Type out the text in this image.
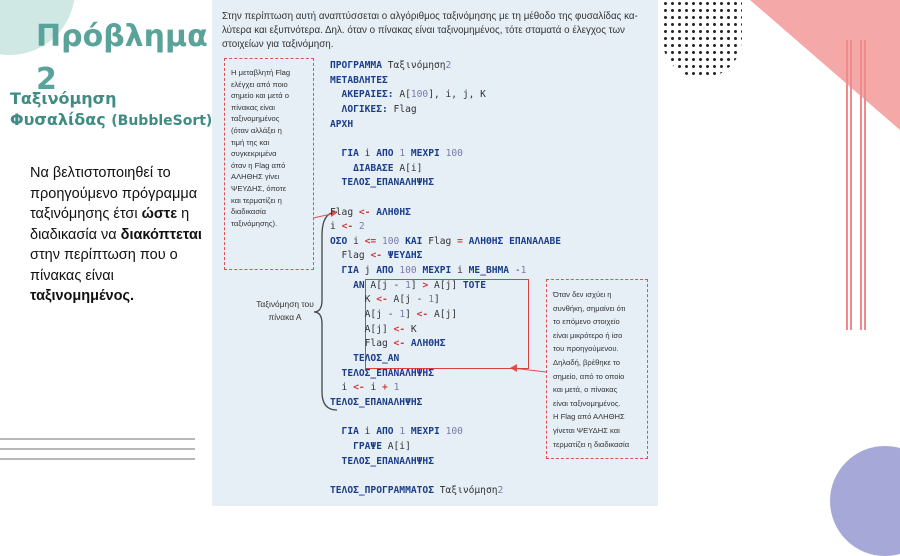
Πρόβλημα
2
Ταξινόμηση
Φυσαλίδας (BubbleSort)
Να βελτιστοποιηθεί το προηγούμενο πρόγραμμα ταξινόμησης έτσι ώστε η διαδικασία να διακόπτεται στην περίπτωση που ο πίνακας είναι ταξινομημένος.
Στην περίπτωση αυτή αναπτύσσεται ο αλγόριθμος ταξινόμησης με τη μέθοδο της φυσαλίδας κα- λύτερα και εξυπνότερα. Δηλ. όταν ο πίνακας είναι ταξινομημένος, τότε σταματά ο έλεγχος των στοιχείων για ταξινόμηση.
Η μεταβλητή Flag
ελέγχει από ποιο
σημείο και μετά ο
πίνακας είναι
ταξινομημένος
(όταν αλλάξει η
τιμή της και
συγκεκριμένα
όταν η Flag από
ΑΛΗΘΗΣ γίνει
ΨΕΥΔΗΣ, όποτε
και τερματίζει η
διαδικασία
ταξινόμησης).
Ταξινόμηση του πίνακα Α
Όταν δεν ισχύει η
συνθήκη, σημαίνει ότι
το επόμενο στοιχείο
είναι μικρότερο ή ίσο
του προηγούμενου.
Δηλαδή, βρέθηκε το
σημείο, από το οποίο
και μετά, ο πίνακας
είναι ταξινομημένος.
Η Flag από ΑΛΗΘΗΣ
γίνεται ΨΕΥΔΗΣ και
τερματίζει η διαδικασία
ΠΡΟΓΡΑΜΜΑ Ταξινόμηση2
ΜΕΤΑΒΛΗΤΕΣ
ΑΚΕΡΑΙΕΣ: A[100], i, j, K
ΛΟΓΙΚΕΣ: Flag
ΑΡΧΗ
ΓΙΑ i ΑΠΟ 1 ΜΕΧΡΙ 100
ΔΙΑΒΑΣΕ A[i]
ΤΕΛΟΣ_ΕΠΑΝΑΛΗΨΗΣ
Flag <- ΑΛΗΘΗΣ
i <- 2
ΟΣΟ i <= 100 ΚΑΙ Flag = ΑΛΗΘΗΣ ΕΠΑΝΑΛΑΒΕ
Flag <- ΨΕΥΔΗΣ
ΓΙΑ j ΑΠΟ 100 ΜΕΧΡΙ i ΜΕ_ΒΗΜΑ -1
ΑΝ A[j - 1] > A[j] ΤΟΤΕ
K <- A[j - 1]
A[j - 1] <- A[j]
A[j] <- K
Flag <- ΑΛΗΘΗΣ
ΤΕΛΟΣ_ΑΝ
ΤΕΛΟΣ_ΕΠΑΝΑΛΗΨΗΣ
i <- i + 1
ΤΕΛΟΣ_ΕΠΑΝΑΛΗΨΗΣ
ΓΙΑ i ΑΠΟ 1 ΜΕΧΡΙ 100
ΓΡΑΨΕ A[i]
ΤΕΛΟΣ_ΕΠΑΝΑΛΗΨΗΣ
ΤΕΛΟΣ_ΠΡΟΓΡΑΜΜΑΤΟΣ Ταξινόμηση2
